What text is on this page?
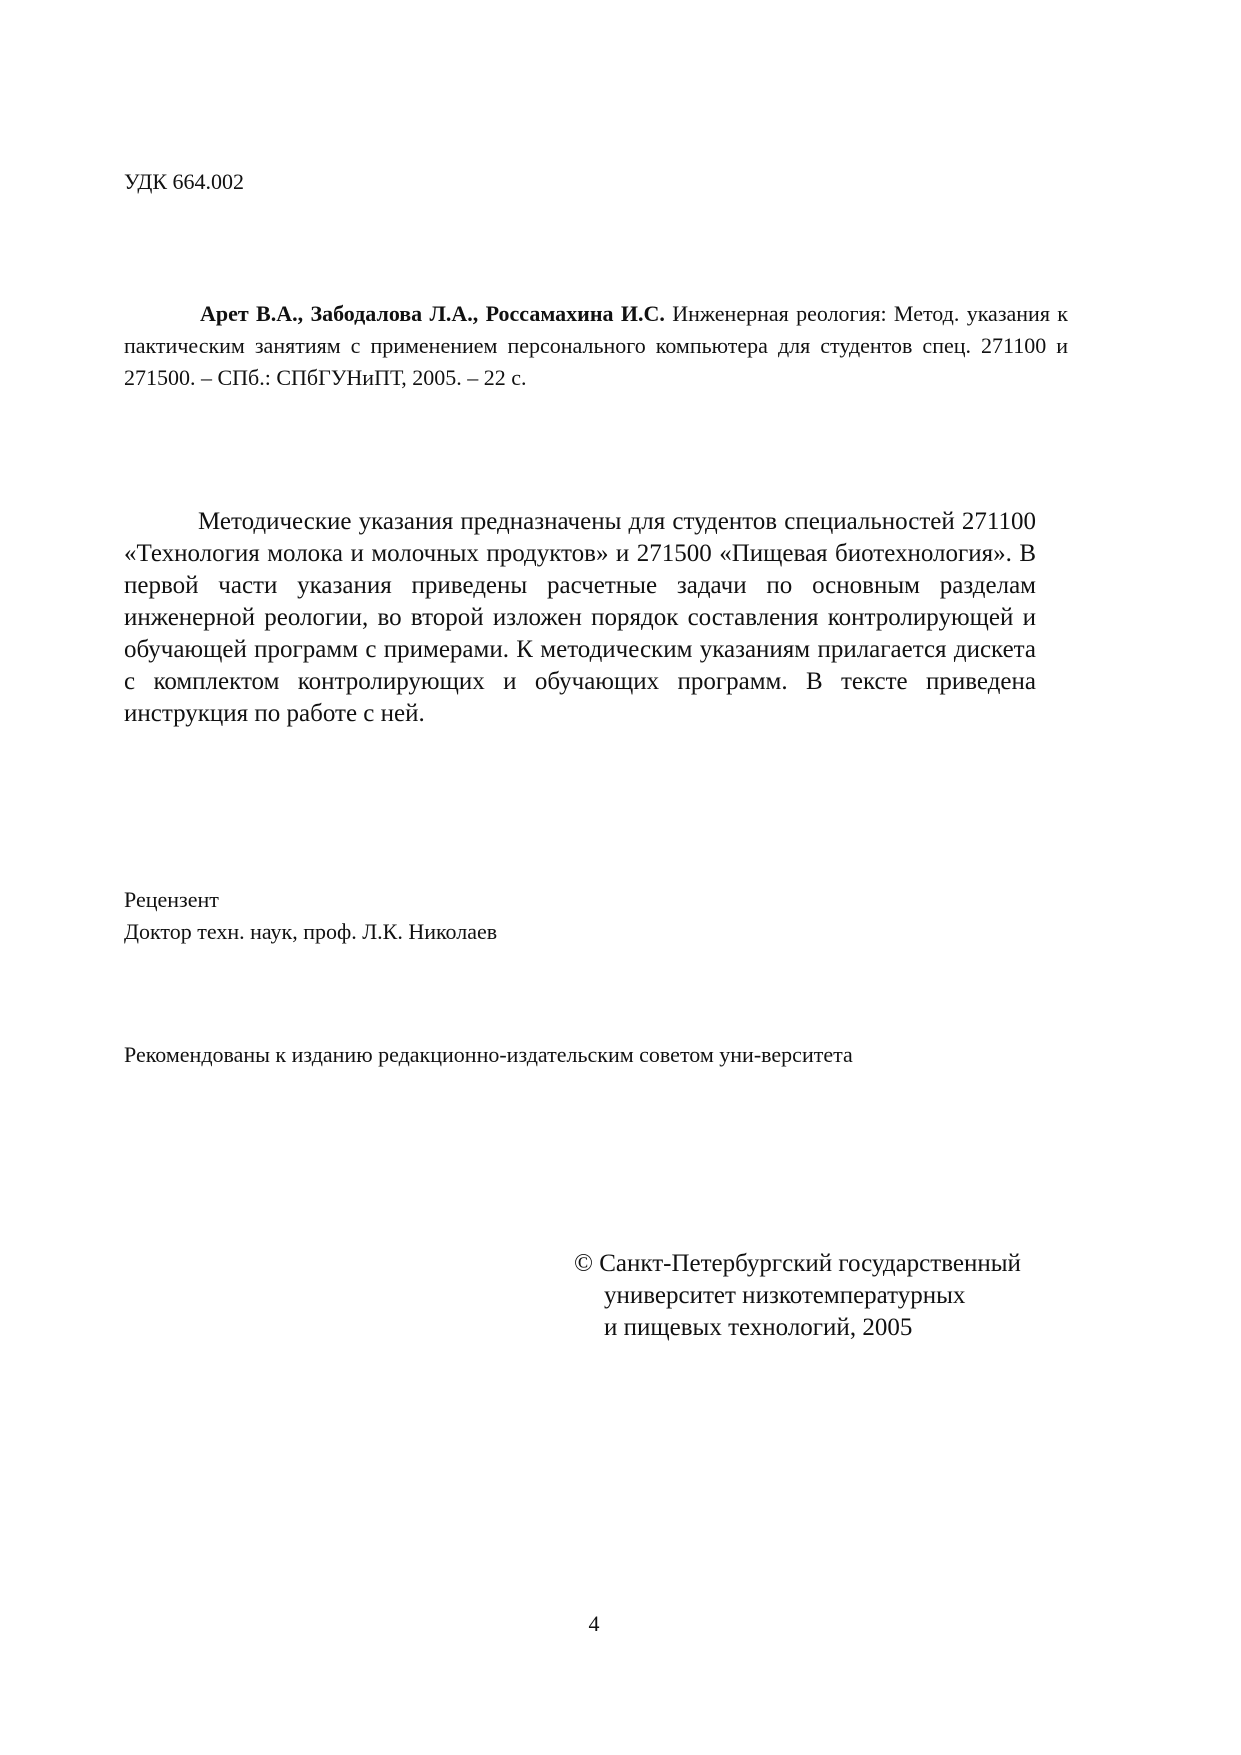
УДК 664.002
Арет В.А., Забодалова Л.А., Россамахина И.С. Инженерная реология: Метод. указания к пактическим занятиям с применением персонального компьютера для студентов спец. 271100 и 271500. – СПб.: СПбГУНиПТ, 2005. – 22 с.
Методические указания предназначены для студентов специальностей 271100 «Технология молока и молочных продуктов» и 271500 «Пищевая биотехнология». В первой части указания приведены расчетные задачи по основным разделам инженерной реологии, во второй изложен порядок составления контролирующей и обучающей программ с примерами. К методическим указаниям прилагается дискета с комплектом контролирующих и обучающих программ. В тексте приведена инструкция по работе с ней.
Рецензент
Доктор техн. наук, проф. Л.К. Николаев
Рекомендованы к изданию редакционно-издательским советом уни-верситета
© Санкт-Петербургский государственный
университет низкотемпературных
и пищевых технологий, 2005
4
